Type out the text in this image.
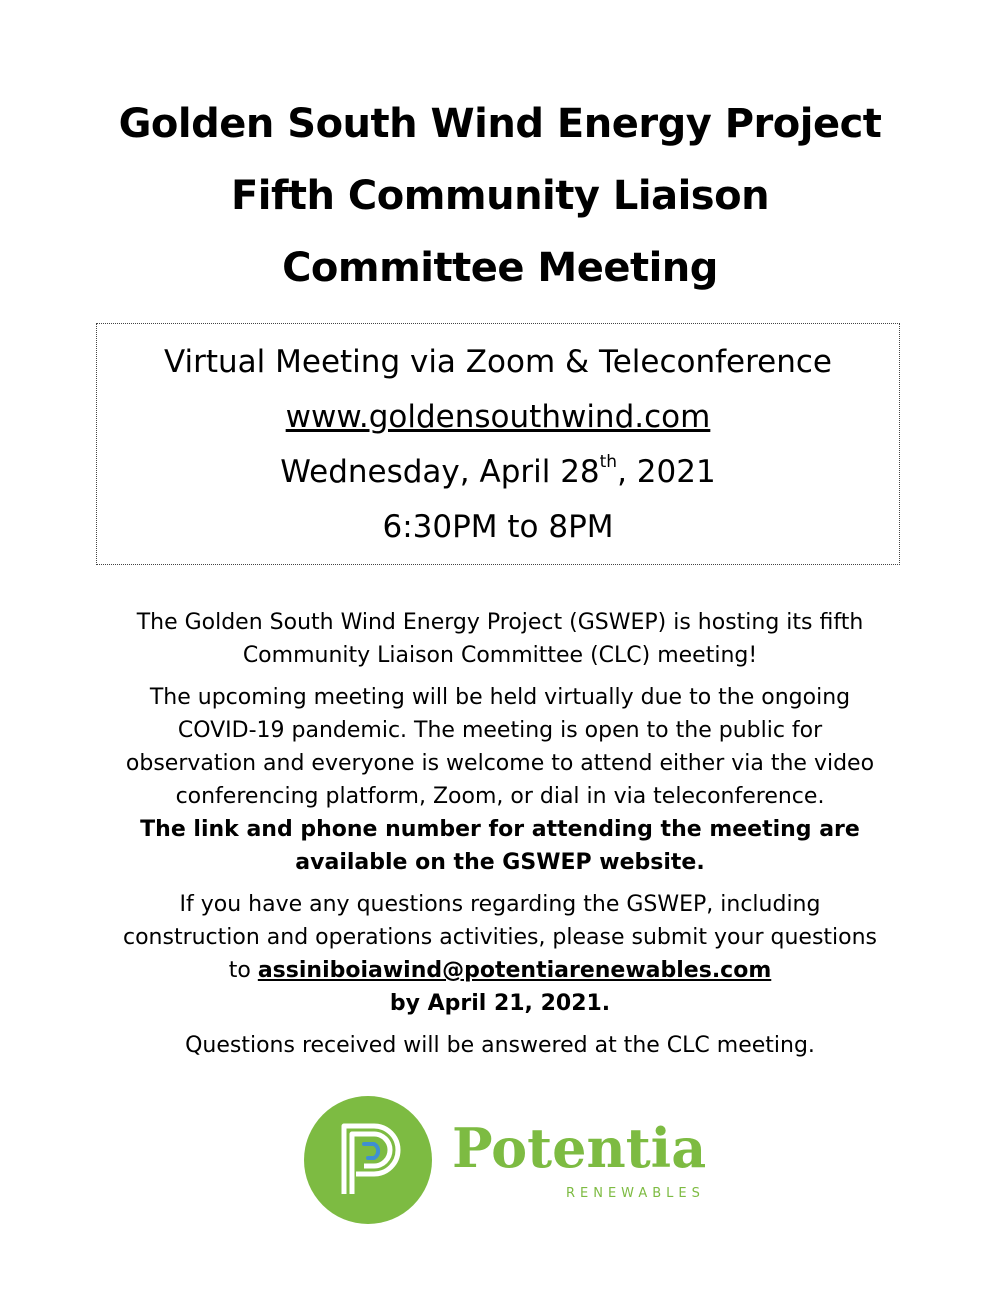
Golden South Wind Energy Project
Fifth Community Liaison
Committee Meeting
Virtual Meeting via Zoom & Teleconference
www.goldensouthwind.com
Wednesday, April 28th, 2021
6:30PM to 8PM

The Golden South Wind Energy Project (GSWEP) is hosting its fifth
Community Liaison Committee (CLC) meeting!

The upcoming meeting will be held virtually due to the ongoing
COVID-19 pandemic. The meeting is open to the public for
observation and everyone is welcome to attend either via the video
conferencing platform, Zoom, or dial in via teleconference.
The link and phone number for attending the meeting are
available on the GSWEP website.

If you have any questions regarding the GSWEP, including
construction and operations activities, please submit your questions
to assiniboiawind@potentiarenewables.com
by April 21, 2021.

Questions received will be answered at the CLC meeting.

Potentia
RENEWABLES
